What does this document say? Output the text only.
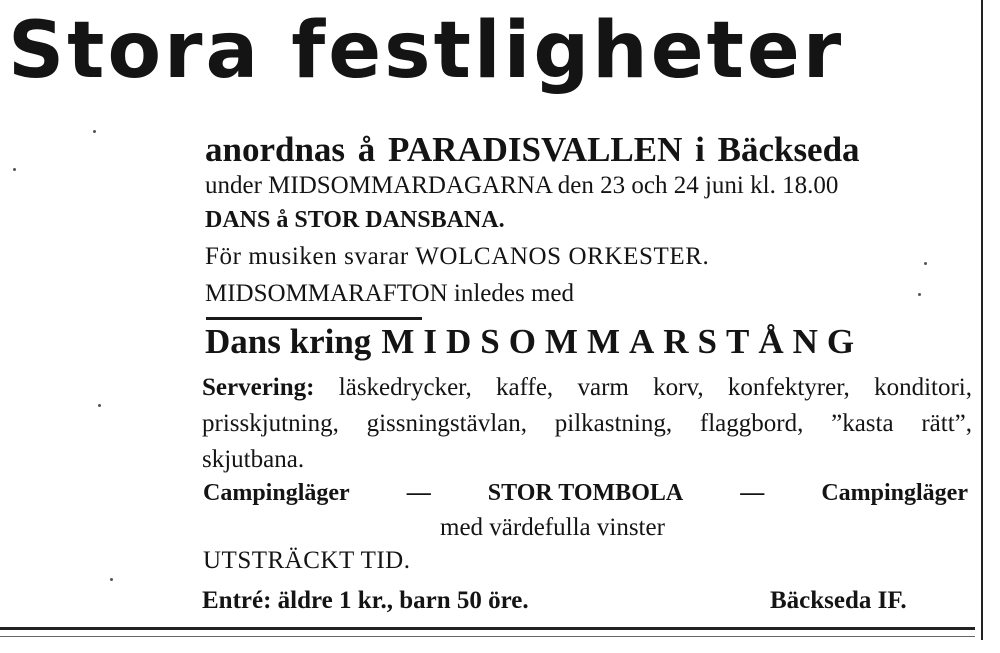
Stora festligheter
anordnas å PARADISVALLEN i Bäckseda
under MIDSOMMARDAGARNA den 23 och 24 juni kl. 18.00
DANS å STOR DANSBANA.
För musiken svarar WOLCANOS ORKESTER.
MIDSOMMARAFTON inledes med
Dans kring MIDSOMMARSTÅNG
Servering: läskedrycker, kaffe, varm korv, konfektyrer, konditori, prisskjutning, gissningstävlan, pilkastning, flaggbord, ”kasta rätt”, skjutbana.
Campingläger — STOR TOMBOLA — Campingläger
med värdefulla vinster
UTSTRÄCKT TID.
Entré: äldre 1 kr., barn 50 öre.	Bäckseda IF.
